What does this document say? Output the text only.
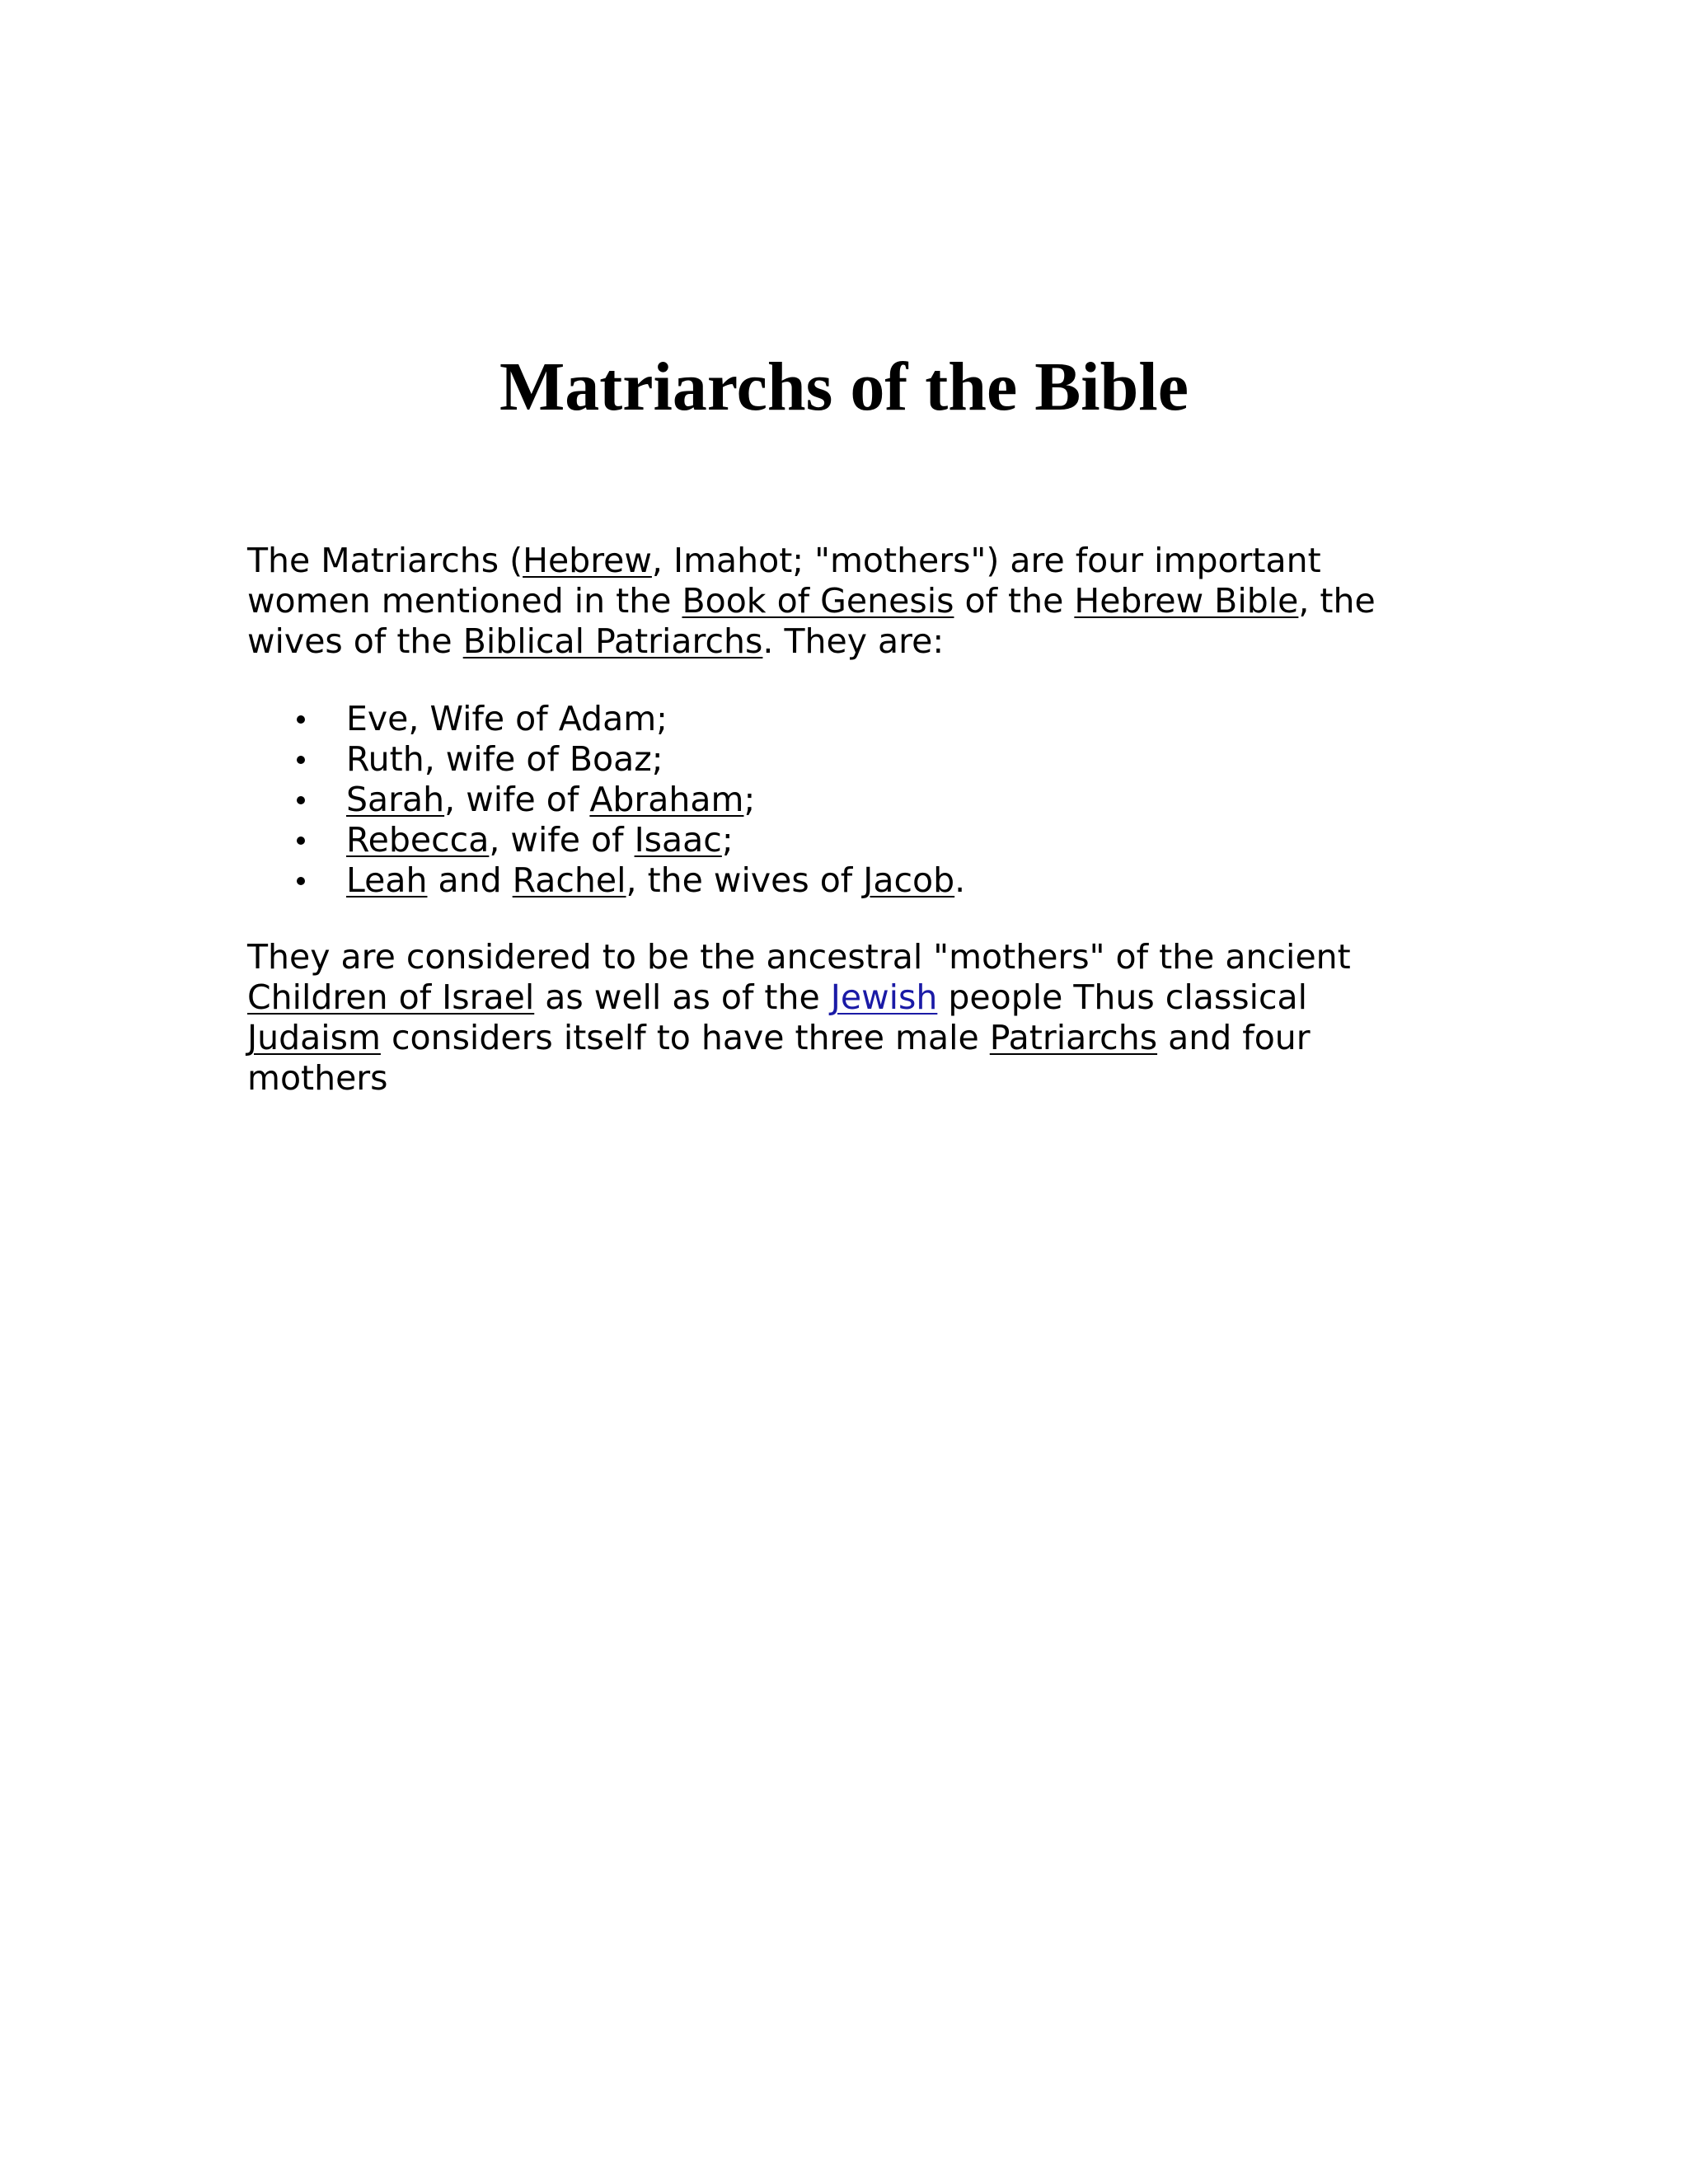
Matriarchs of the Bible

The Matriarchs (Hebrew, Imahot; "mothers") are four important women mentioned in the Book of Genesis of the Hebrew Bible, the wives of the Biblical Patriarchs. They are:

Eve, Wife of Adam;
Ruth, wife of Boaz;
Sarah, wife of Abraham;
Rebecca, wife of Isaac;
Leah and Rachel, the wives of Jacob.

They are considered to be the ancestral "mothers" of the ancient Children of Israel as well as of the Jewish people Thus classical Judaism considers itself to have three male Patriarchs and four mothers
